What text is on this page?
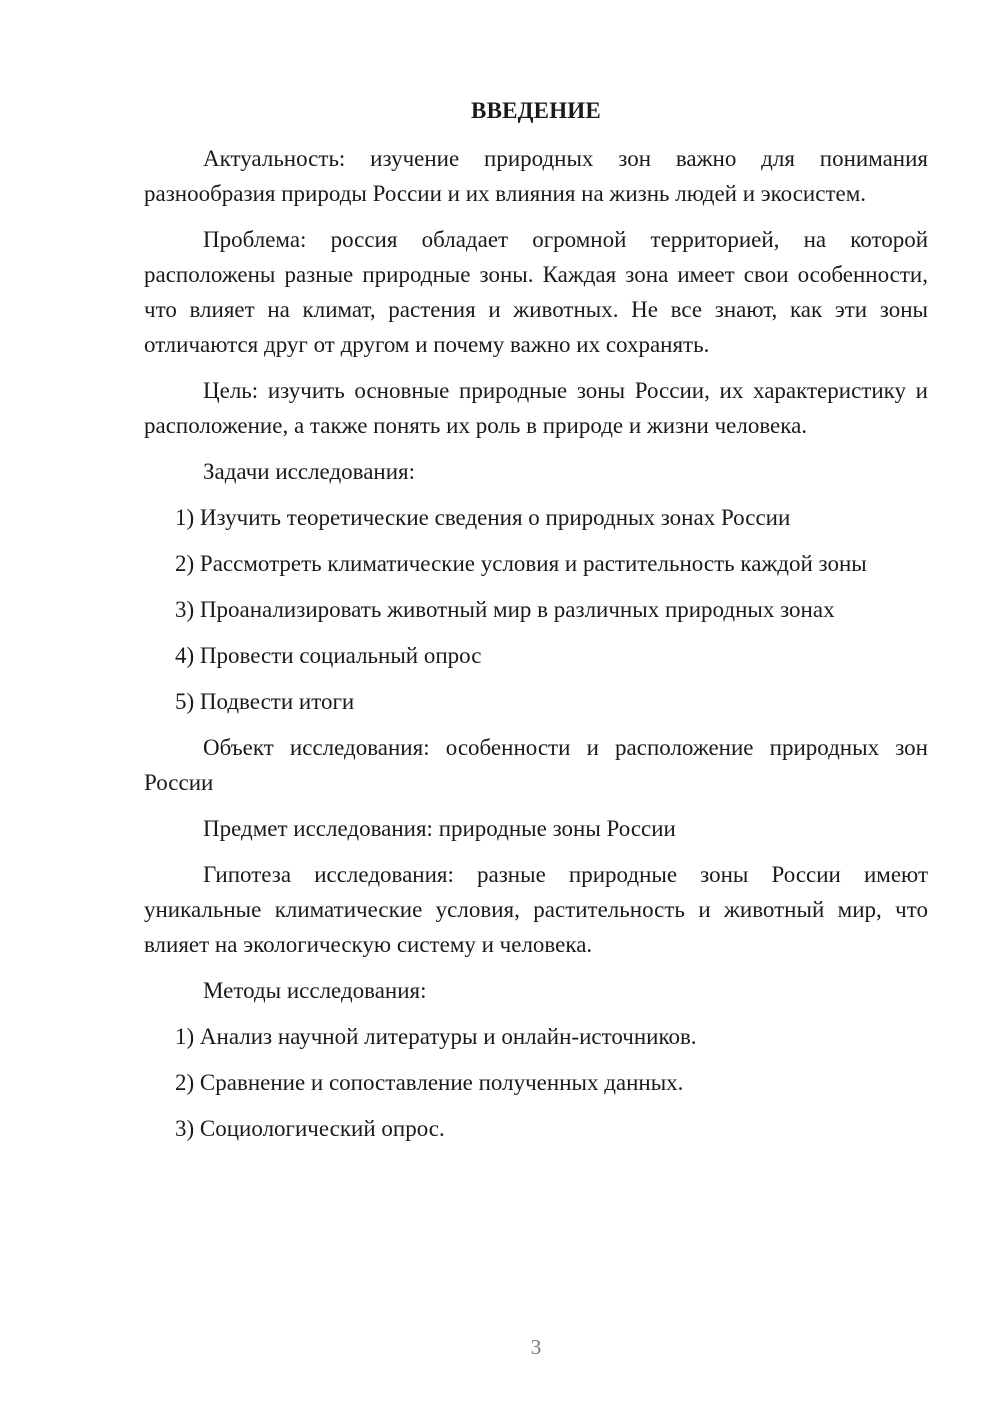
ВВЕДЕНИЕ

Актуальность: изучение природных зон важно для понимания разнообразия природы России и их влияния на жизнь людей и экосистем.

Проблема: россия обладает огромной территорией, на которой расположены разные природные зоны. Каждая зона имеет свои особенности, что влияет на климат, растения и животных. Не все знают, как эти зоны отличаются друг от другом и почему важно их сохранять.

Цель: изучить основные природные зоны России, их характеристику и расположение, а также понять их роль в природе и жизни человека.

Задачи исследования:

1) Изучить теоретические сведения о природных зонах России
2) Рассмотреть климатические условия и растительность каждой зоны
3) Проанализировать животный мир в различных природных зонах
4) Провести социальный опрос
5) Подвести итоги

Объект исследования: особенности и расположение природных зон России

Предмет исследования: природные зоны России

Гипотеза исследования: разные природные зоны России имеют уникальные климатические условия, растительность и животный мир, что влияет на экологическую систему и человека.

Методы исследования:

1) Анализ научной литературы и онлайн-источников.
2) Сравнение и сопоставление полученных данных.
3) Социологический опрос.
3
